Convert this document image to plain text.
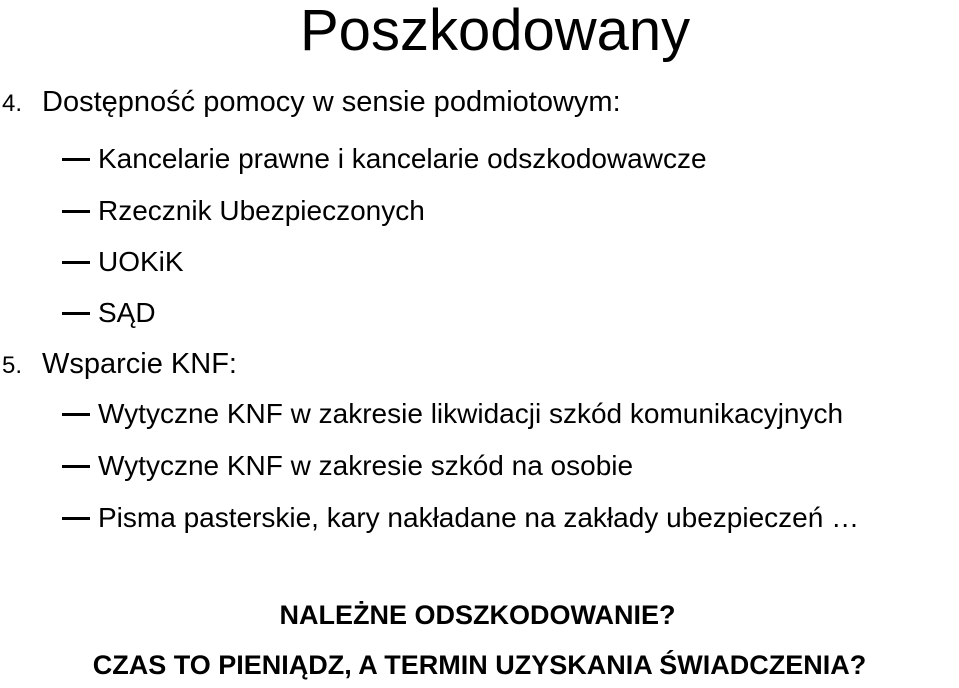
Poszkodowany
4. Dostępność pomocy w sensie podmiotowym:
Kancelarie prawne i kancelarie odszkodowawcze
Rzecznik Ubezpieczonych
UOKiK
SĄD
5. Wsparcie KNF:
Wytyczne KNF w zakresie likwidacji szkód komunikacyjnych
Wytyczne KNF w zakresie szkód na osobie
Pisma pasterskie, kary nakładane na zakłady ubezpieczeń …
NALEŻNE ODSZKODOWANIE?
CZAS TO PIENIĄDZ, A TERMIN UZYSKANIA ŚWIADCZENIA?
